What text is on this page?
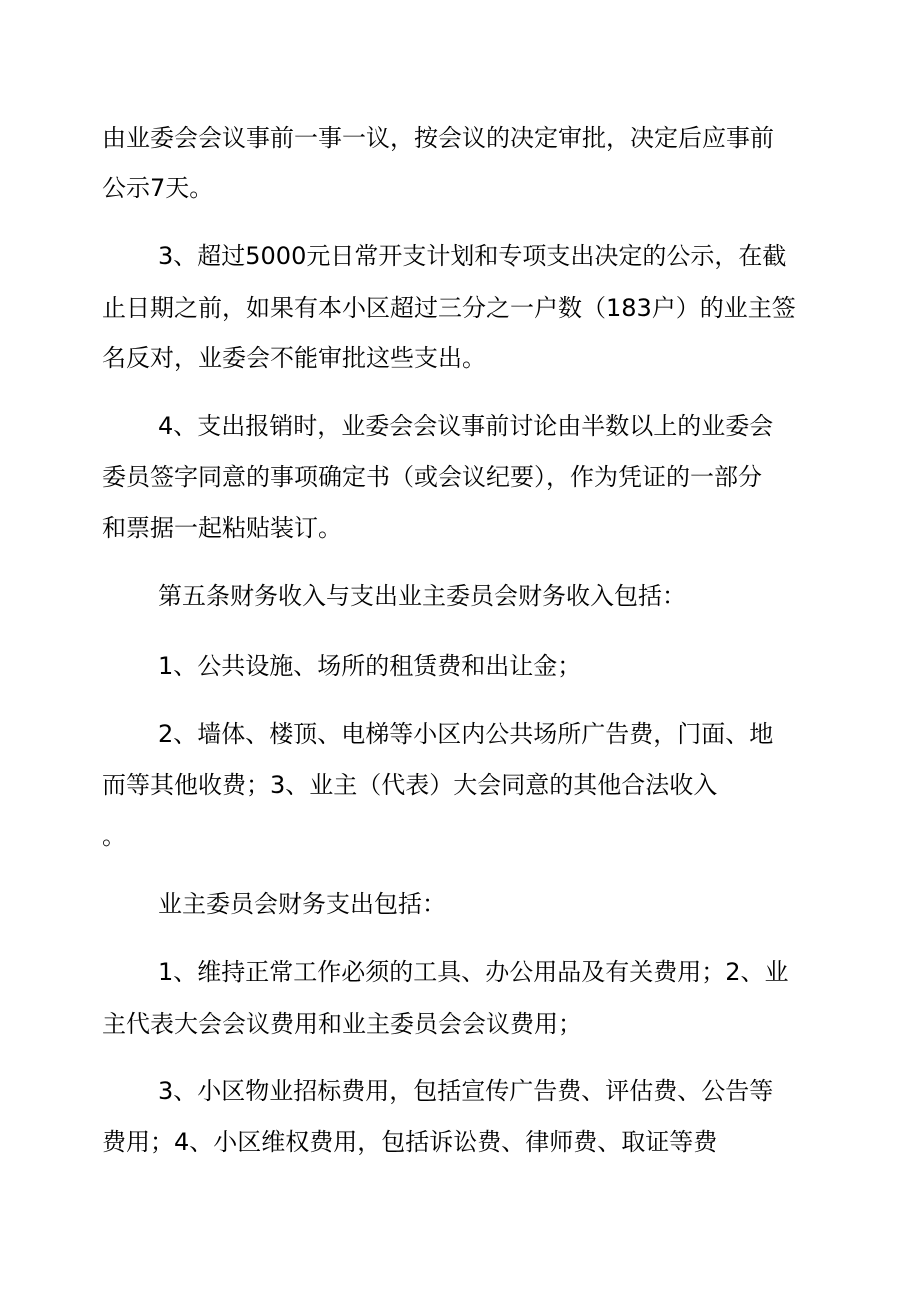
由业委会会议事前一事一议，按会议的决定审批，决定后应事前
公示7天。
3、超过5000元日常开支计划和专项支出决定的公示，在截
止日期之前，如果有本小区超过三分之一户数（183户）的业主签
名反对，业委会不能审批这些支出。
4、支出报销时，业委会会议事前讨论由半数以上的业委会
委员签字同意的事项确定书（或会议纪要），作为凭证的一部分
和票据一起粘贴装订。
第五条财务收入与支出业主委员会财务收入包括：
1、公共设施、场所的租赁费和出让金；
2、墙体、楼顶、电梯等小区内公共场所广告费，门面、地
而等其他收费；3、业主（代表）大会同意的其他合法收入
。
业主委员会财务支出包括：
1、维持正常工作必须的工具、办公用品及有关费用；2、业
主代表大会会议费用和业主委员会会议费用；
3、小区物业招标费用，包括宣传广告费、评估费、公告等
费用；4、小区维权费用，包括诉讼费、律师费、取证等费
